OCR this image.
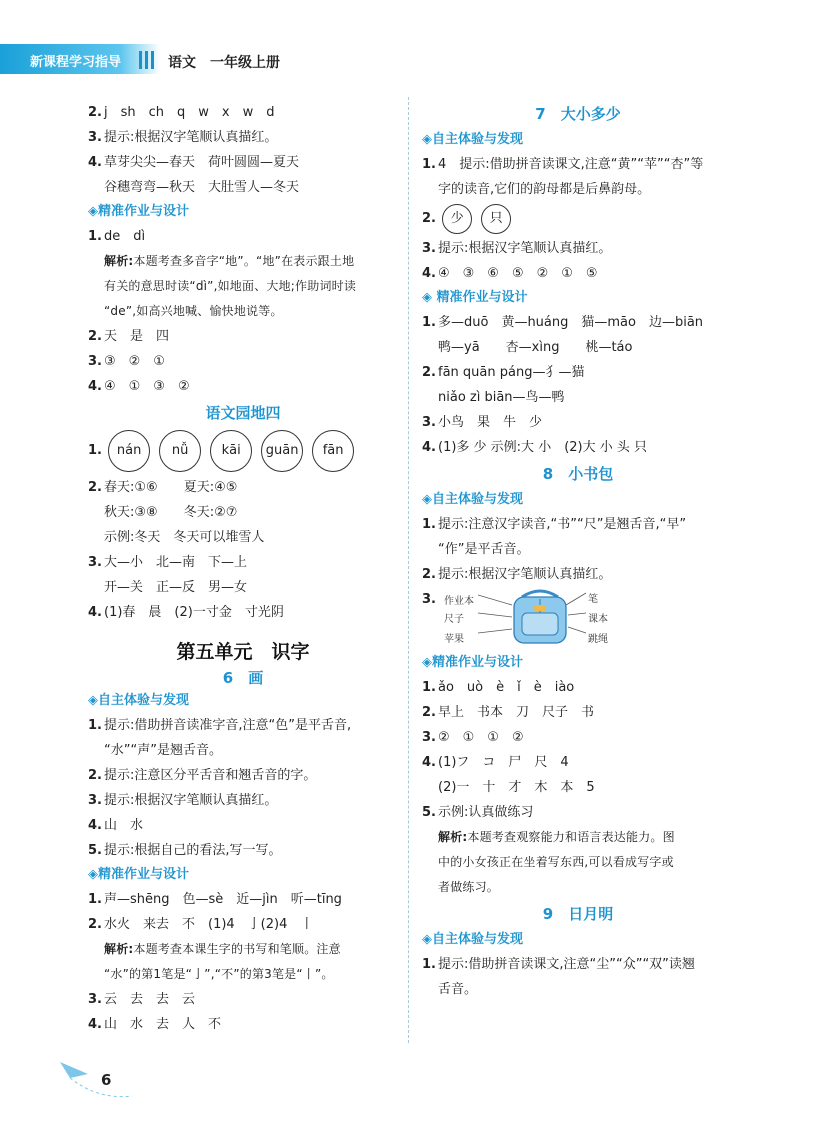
新课程学习指导	语文　一年级上册
2. j　sh　ch　q　w　x　w　d
3. 提示:根据汉字笔顺认真描红。
4. 草芽尖尖—春天　荷叶圆圆—夏天
谷穗弯弯—秋天　大肚雪人—冬天
◈精准作业与设计
1. de　dì
解析:本题考查多音字“地”。“地”在表示跟土地
有关的意思时读“dì”,如地面、大地;作助词时读
“de”,如高兴地喊、愉快地说等。
2. 天　是　四
3. ③　②　①
4. ④　①　③　②
语文园地四
1.	nán	nǚ	kāi	guān	fān
2. 春天:①⑥　　夏天:④⑤
秋天:③⑧　　冬天:②⑦
示例:冬天　冬天可以堆雪人
3. 大—小　北—南　下—上
开—关　正—反　男—女
4. (1)春　晨　(2)一寸金　寸光阴
第五单元　识字
6　画
◈自主体验与发现
1. 提示:借助拼音读准字音,注意“色”是平舌音,
“水”“声”是翘舌音。
2. 提示:注意区分平舌音和翘舌音的字。
3. 提示:根据汉字笔顺认真描红。
4. 山　水
5. 提示:根据自己的看法,写一写。
◈精准作业与设计
1. 声—shēng　色—sè　近—jìn　听—tīng
2. 水火　来去　不　(1)4　亅(2)4　丨
解析:本题考查本课生字的书写和笔顺。注意
“水”的第1笔是“亅”,“不”的第3笔是“丨”。
3. 云　去　去　云
4. 山　水　去　人　不
7　大小多少
◈自主体验与发现
1. 4　提示:借助拼音读课文,注意“黄”“苹”“杏”等
字的读音,它们的韵母都是后鼻韵母。
2.	少	只
3. 提示:根据汉字笔顺认真描红。
4. ④　③　⑥　⑤　②　①　⑤
◈ 精准作业与设计
1. 多—duō　黄—huáng　猫—māo　边—biān
鸭—yā　　杏—xìng　　桃—táo
2. fān quān páng—犭—猫
niǎo zì biān—鸟—鸭
3. 小鸟　果　牛　少
4. (1)多 少 示例:大 小　(2)大 小 头 只
8　小书包
◈自主体验与发现
1. 提示:注意汉字读音,“书”“尺”是翘舌音,“早”
“作”是平舌音。
2. 提示:根据汉字笔顺认真描红。
3. 作业本
尺子
苹果
笔
课本
跳绳
◈精准作业与设计
1. ǎo　uò　è　ǐ　è　iào
2. 早上　书本　刀　尺子　书
3. ②　①　①　②
4. (1)フ　コ　尸　尺　4
(2)一　十　才　木　本　5
5. 示例:认真做练习
解析:本题考查观察能力和语言表达能力。图
中的小女孩正在坐着写东西,可以看成写字或
者做练习。
9　日月明
◈自主体验与发现
1. 提示:借助拼音读课文,注意“尘”“众”“双”读翘
舌音。
6
